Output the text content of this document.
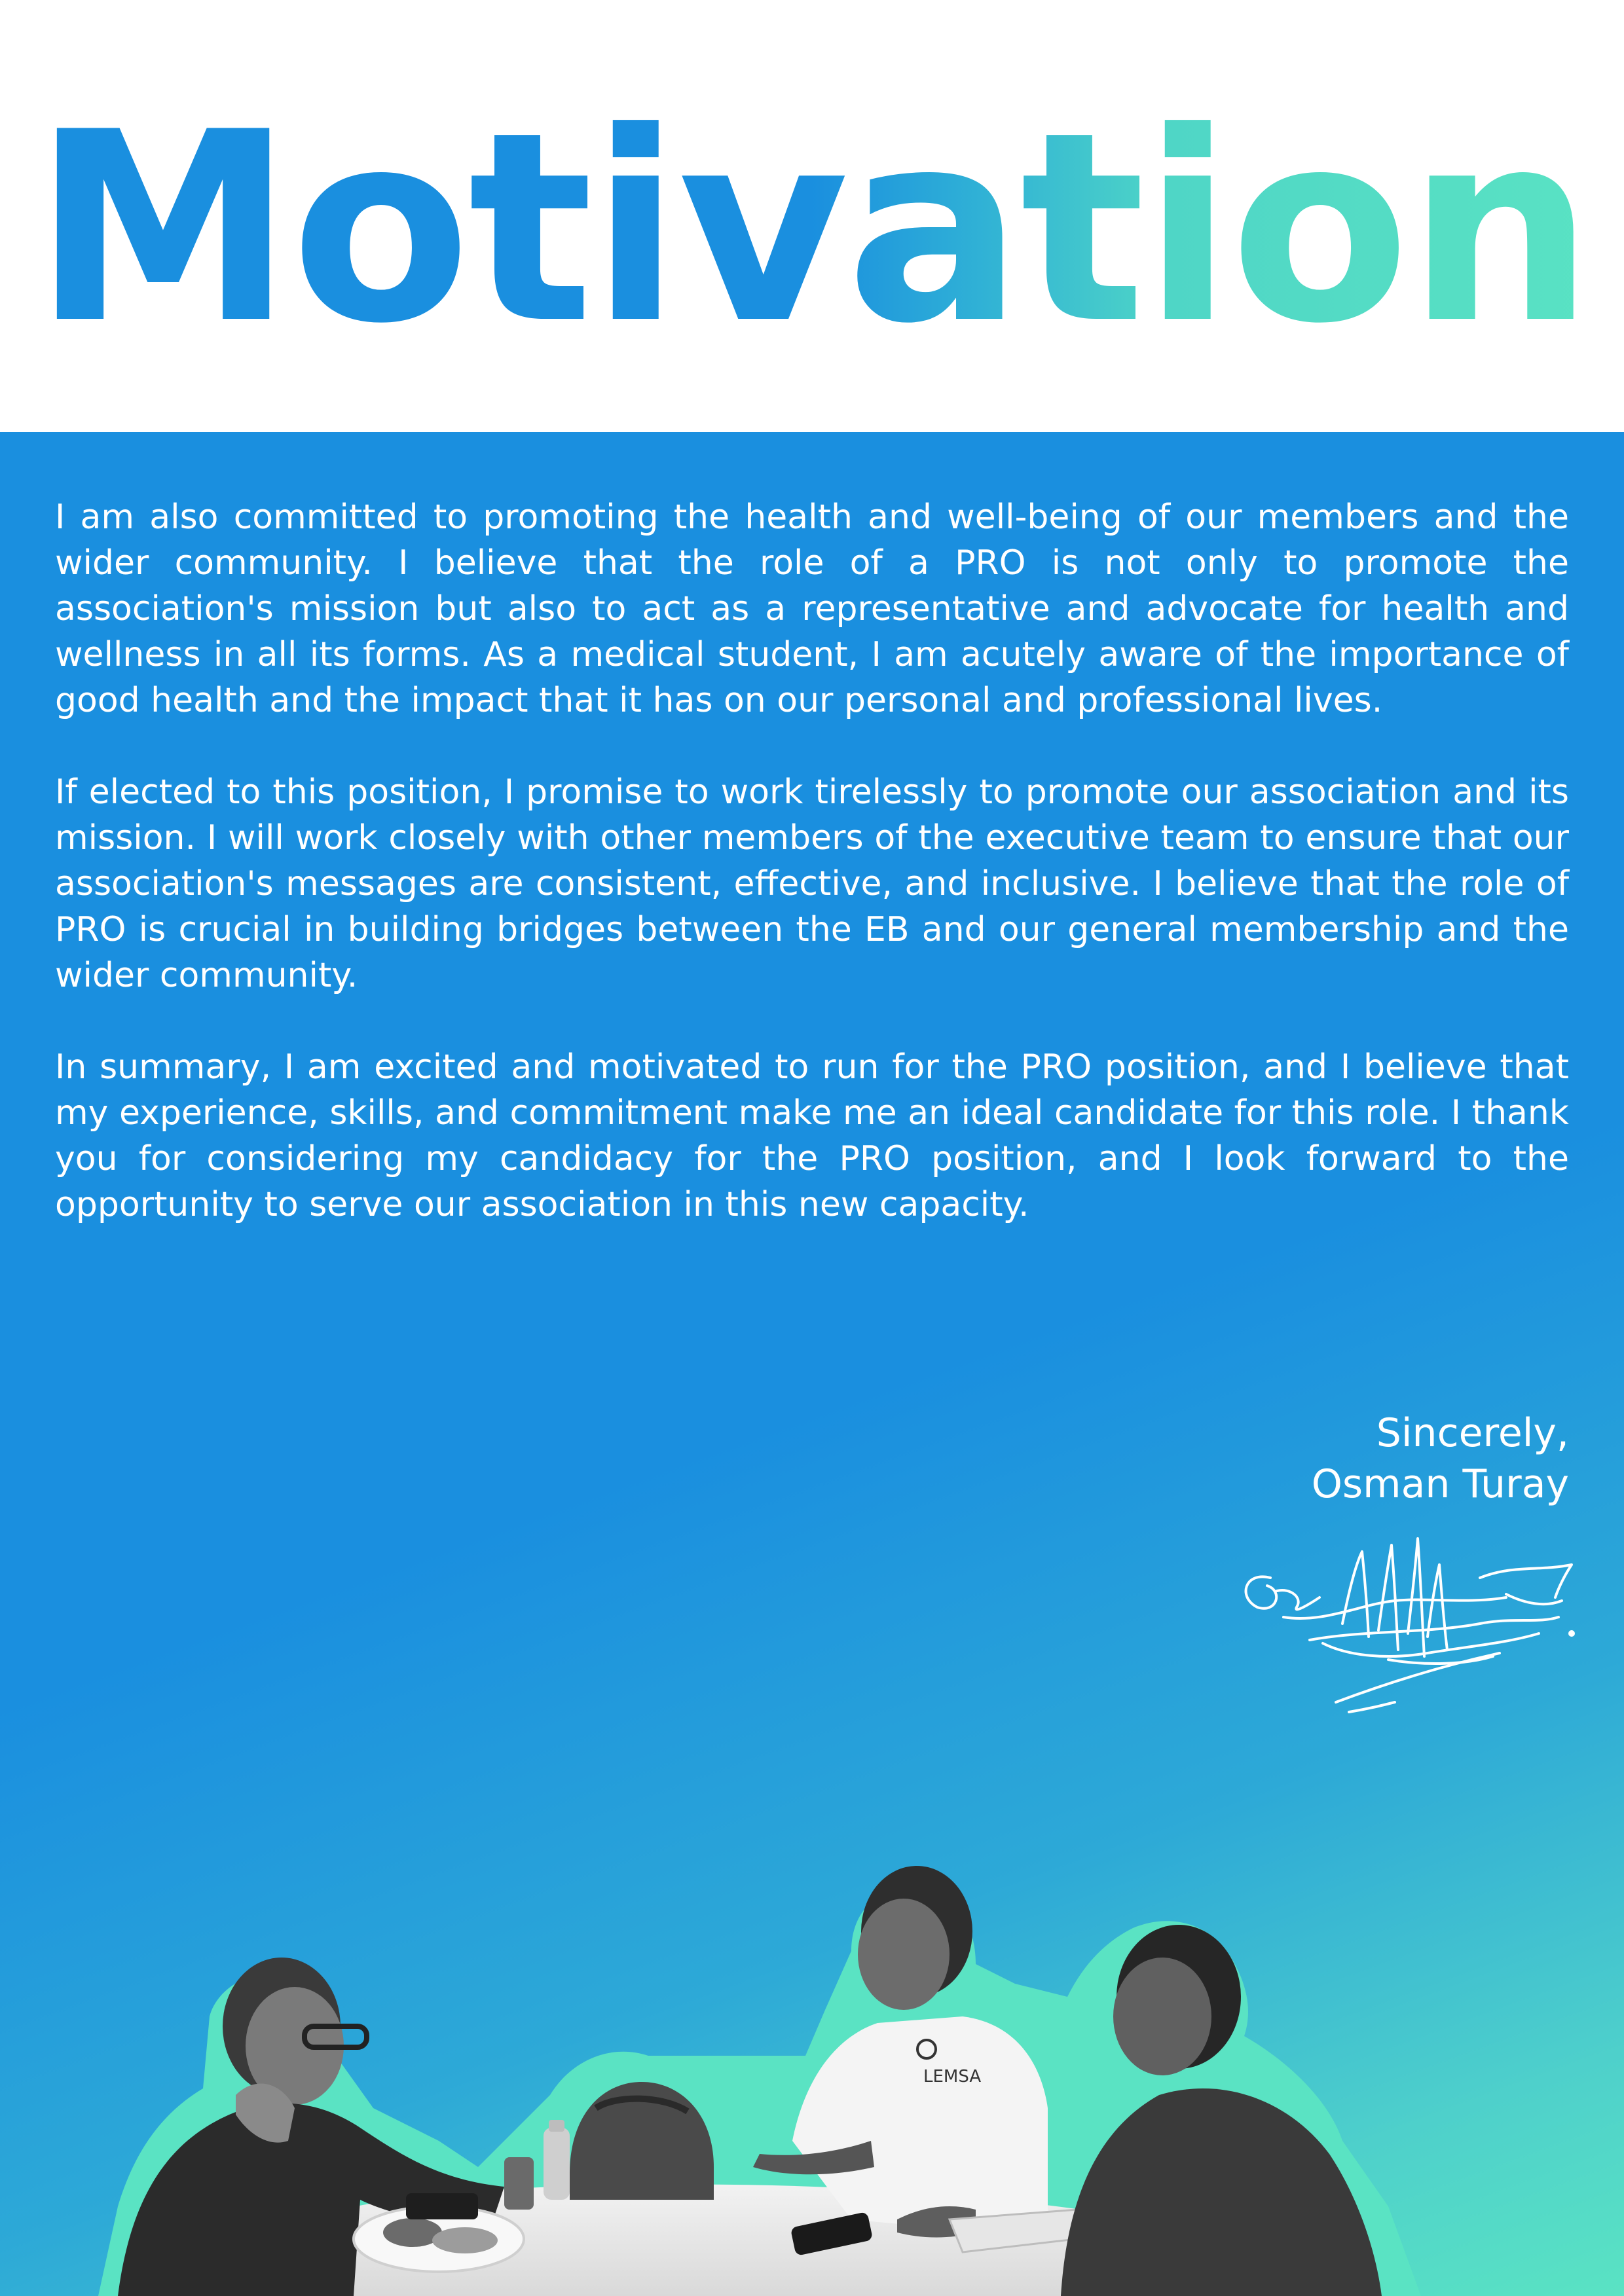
Motivation

I am also committed to promoting the health and well-being of our members and the wider community. I believe that the role of a PRO is not only to promote the association's mission but also to act as a representative and advocate for health and wellness in all its forms. As a medical student, I am acutely aware of the importance of good health and the impact that it has on our personal and professional lives.

If elected to this position, I promise to work tirelessly to promote our association and its mission. I will work closely with other members of the executive team to ensure that our association's messages are consistent, effective, and inclusive. I believe that the role of PRO is crucial in building bridges between the EB and our general membership and the wider community.

In summary, I am excited and motivated to run for the PRO position, and I believe that my experience, skills, and commitment make me an ideal candidate for this role. I thank you for considering my candidacy for the PRO position, and I look forward to the opportunity to serve our association in this new capacity.

Sincerely,
Osman Turay
LEMSA
